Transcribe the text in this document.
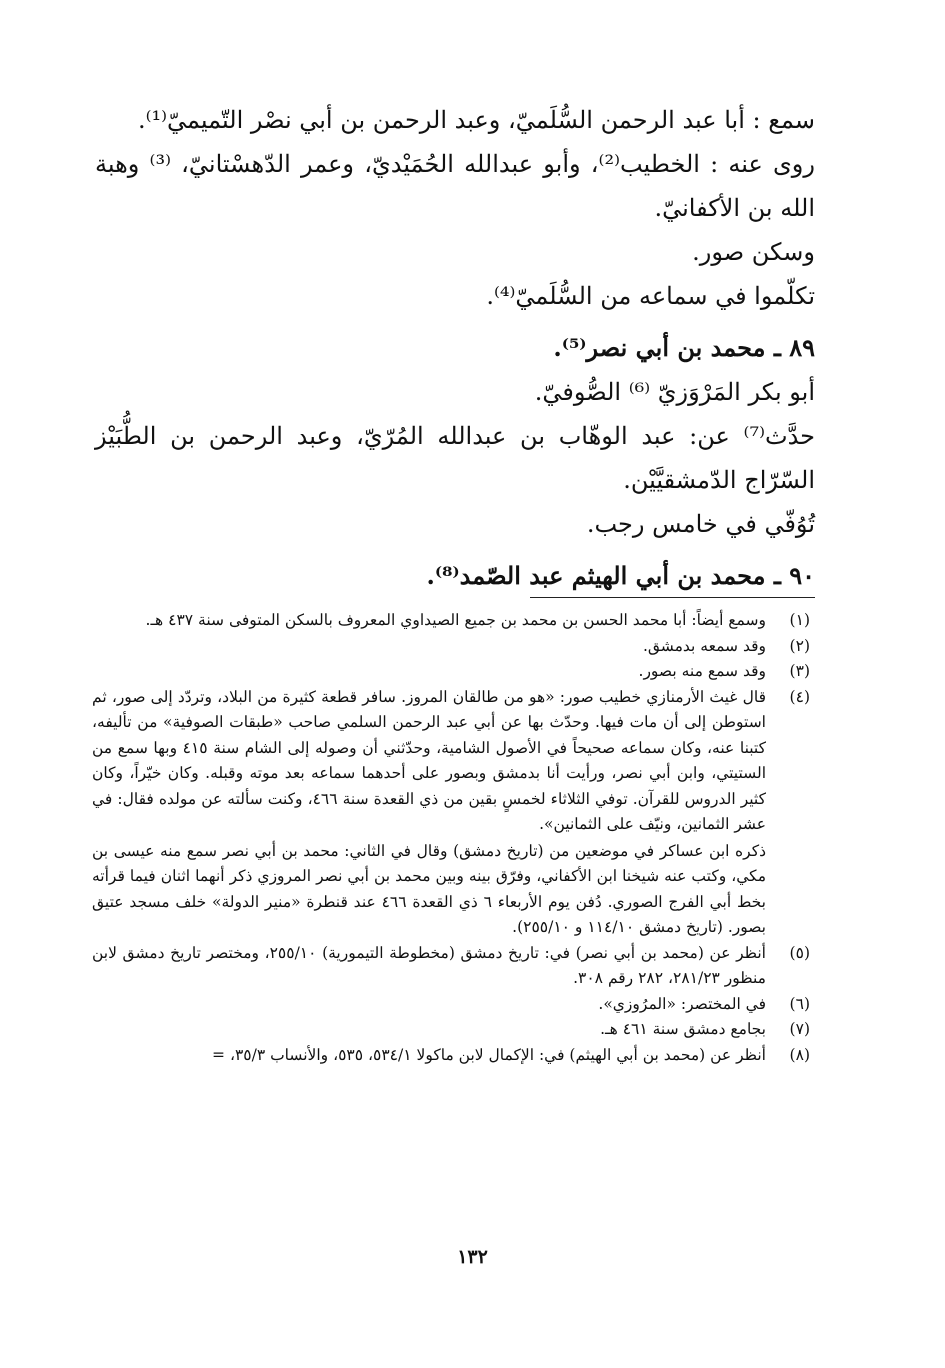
سمع : أبا عبد الرحمن السُّلَميّ، وعبد الرحمن بن أبي نصْر التّميميّ⁽¹⁾.

روى عنه : الخطيب⁽²⁾، وأبو عبدالله الحُمَيْديّ، وعمر الدّهسْتانيّ، ⁽³⁾ وهبة الله بن الأكفانيّ.

وسكن صور.

تكلّموا في سماعه من السُّلَميّ⁽⁴⁾.

٨٩ ـ محمد بن أبي نصر⁽⁵⁾.

أبو بكر المَرْوَزيّ ⁽⁶⁾ الصُّوفيّ.

حدَّث⁽⁷⁾ عن: عبد الوهّاب بن عبدالله المُرّيّ، وعبد الرحمن بن الطُّبَيْز السّرّاج الدّمشقيَّيْن.

تُوُفّي في خامس رجب.

٩٠ ـ محمد بن أبي الهيثم عبد الصّمد⁽⁸⁾.

(١)
وسمع أيضاً: أبا محمد الحسن بن محمد بن جميع الصيداوي المعروف بالسكن المتوفى سنة ٤٣٧ هـ.
(٢)
وقد سمعه بدمشق.
(٣)
وقد سمع منه بصور.
(٤)
قال غيث الأرمنازي خطيب صور: «هو من طالقان المروز. سافر قطعة كثيرة من البلاد، وتردّد إلى صور، ثم استوطن إلى أن مات فيها. وحدّث بها عن أبي عبد الرحمن السلمي صاحب «طبقات الصوفية» من تأليفه، كتبنا عنه، وكان سماعه صحيحاً في الأصول الشامية، وحدّثني أن وصوله إلى الشام سنة ٤١٥ وبها سمع من الستيتي، وابن أبي نصر، ورأيت أنا بدمشق وبصور على أحدهما سماعه بعد موته وقبله. وكان خيّراً، وكان كثير الدروس للقرآن. توفي الثلاثاء لخمسٍ بقين من ذي القعدة سنة ٤٦٦، وكنت سألته عن مولده فقال: في عشر الثمانين، ونيّف على الثمانين».

ذكره ابن عساكر في موضعين من (تاريخ دمشق) وقال في الثاني: محمد بن أبي نصر سمع منه عيسى بن مكي، وكتب عنه شيخنا ابن الأكفاني، وفرّق بينه وبين محمد بن أبي نصر المروزي ذكر أنهما اثنان فيما قرأته بخط أبي الفرج الصوري. دُفن يوم الأربعاء ٦ ذي القعدة ٤٦٦ عند قنطرة «منير الدولة» خلف مسجد عتيق بصور. (تاريخ دمشق ١١٤/١٠ و ٢٥٥/١٠).

(٥)
أنظر عن (محمد بن أبي نصر) في: تاريخ دمشق (مخطوطة التيمورية) ٢٥٥/١٠، ومختصر تاريخ دمشق لابن منظور ٢٨١/٢٣، ٢٨٢ رقم ٣٠٨.
(٦)
في المختصر: «المرُوزي».
(٧)
بجامع دمشق سنة ٤٦١ هـ.
(٨)
أنظر عن (محمد بن أبي الهيثم) في: الإكمال لابن ماكولا ٥٣٤/١، ٥٣٥، والأنساب ٣٥/٣، =
١٣٢
